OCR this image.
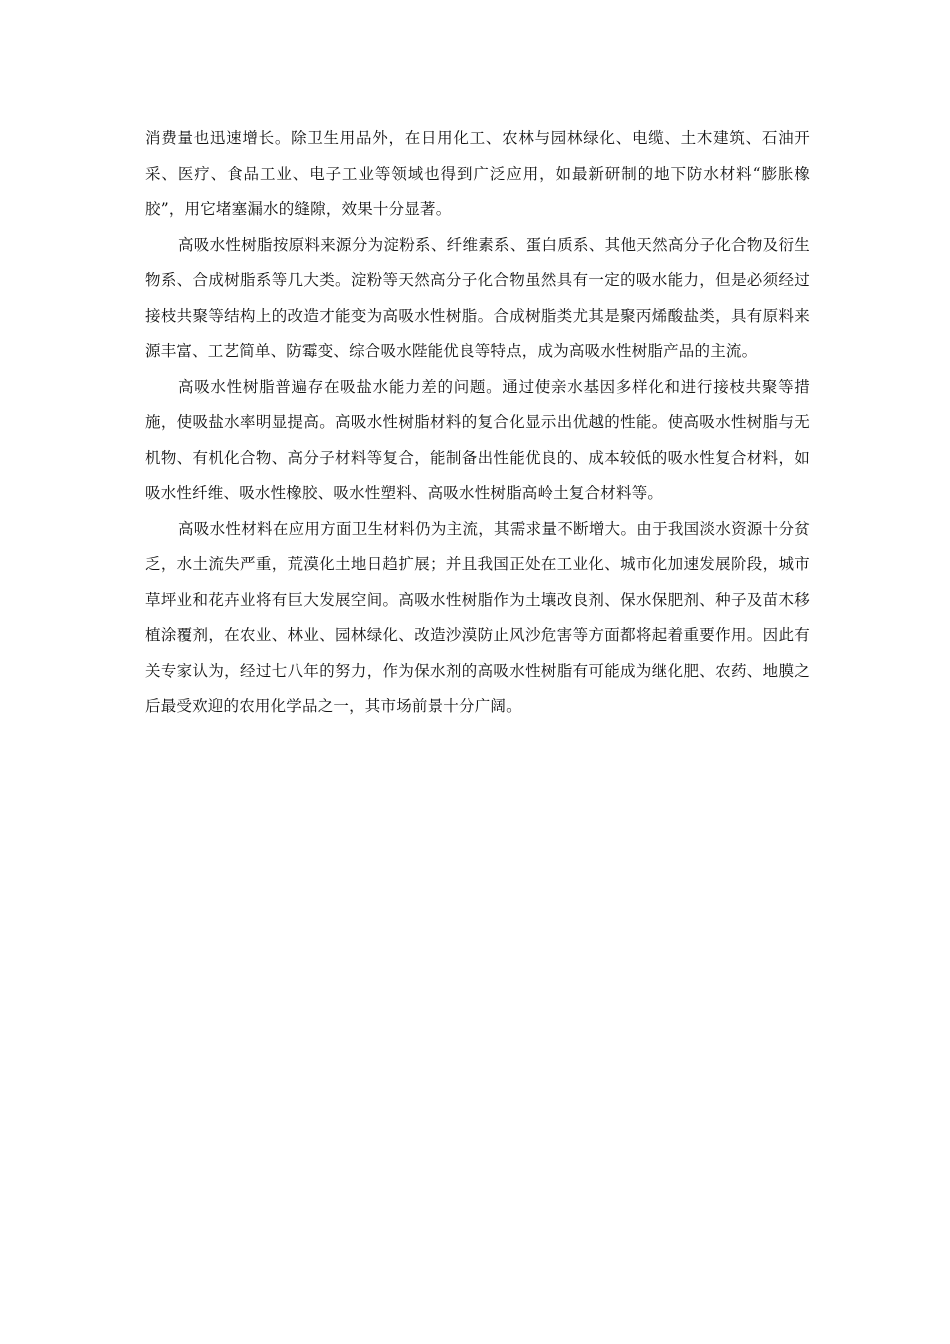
消费量也迅速增长。除卫生用品外，在日用化工、农林与园林绿化、电缆、土木建筑、石油开采、医疗、食品工业、电子工业等领域也得到广泛应用，如最新研制的地下防水材料“膨胀橡胶”，用它堵塞漏水的缝隙，效果十分显著。

高吸水性树脂按原料来源分为淀粉系、纤维素系、蛋白质系、其他天然高分子化合物及衍生物系、合成树脂系等几大类。淀粉等天然高分子化合物虽然具有一定的吸水能力，但是必须经过接枝共聚等结构上的改造才能变为高吸水性树脂。合成树脂类尤其是聚丙烯酸盐类，具有原料来源丰富、工艺简单、防霉变、综合吸水陛能优良等特点，成为高吸水性树脂产品的主流。

高吸水性树脂普遍存在吸盐水能力差的问题。通过使亲水基因多样化和进行接枝共聚等措施，使吸盐水率明显提高。高吸水性树脂材料的复合化显示出优越的性能。使高吸水性树脂与无机物、有机化合物、高分子材料等复合，能制备出性能优良的、成本较低的吸水性复合材料，如吸水性纤维、吸水性橡胶、吸水性塑料、高吸水性树脂高岭土复合材料等。

高吸水性材料在应用方面卫生材料仍为主流，其需求量不断增大。由于我国淡水资源十分贫乏，水土流失严重，荒漠化土地日趋扩展；并且我国正处在工业化、城市化加速发展阶段，城市草坪业和花卉业将有巨大发展空间。高吸水性树脂作为土壤改良剂、保水保肥剂、种子及苗木移植涂覆剂，在农业、林业、园林绿化、改造沙漠防止风沙危害等方面都将起着重要作用。因此有关专家认为，经过七八年的努力，作为保水剂的高吸水性树脂有可能成为继化肥、农药、地膜之后最受欢迎的农用化学品之一，其市场前景十分广阔。
